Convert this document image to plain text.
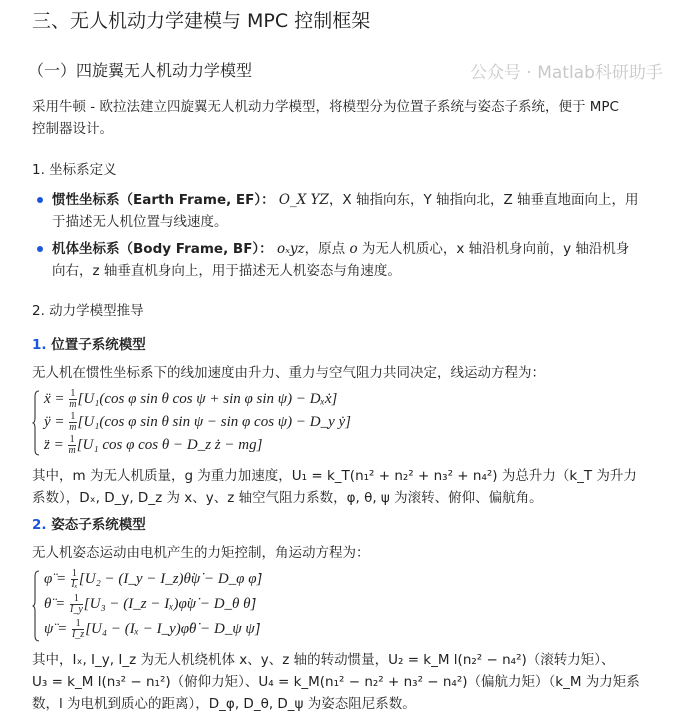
三、无人机动力学建模与 MPC 控制框架
（一）四旋翼无人机动力学模型	公众号 · Matlab科研助手
采用牛顿 - 欧拉法建立四旋翼无人机动力学模型，将模型分为位置子系统与姿态子系统，便于 MPC
控制器设计。
1. 坐标系定义
惯性坐标系（Earth Frame, EF）： O_X YZ，X 轴指向东，Y 轴指向北，Z 轴垂直地面向上，用
于描述无人机位置与线速度。
机体坐标系（Body Frame, BF）： oₓyz，原点 o 为无人机质心，x 轴沿机身向前，y 轴沿机身
向右，z 轴垂直机身向上，用于描述无人机姿态与角速度。
2. 动力学模型推导
1. 位置子系统模型
无人机在惯性坐标系下的线加速度由升力、重力与空气阻力共同决定，线运动方程为：
ẍ = $\frac{1}{m} [U_1(\cos$ φ sin θ cos ψ + sin φ sin ψ) − Dₓẋ]
ÿ = $\frac{1}{m} [U_1(\cos$ φ sin θ sin ψ − sin φ cos ψ) − D_y ẏ]
z̈ = $\frac{1}{m} [U_1$ cos φ cos θ − D_z ż − mg]
其中，m 为无人机质量，g 为重力加速度，U₁ = k_T(n₁² + n₂² + n₃² + n₄²) 为总升力（k_T 为升力
系数），Dₓ, D_y, D_z 为 x、y、z 轴空气阻力系数，φ, θ, ψ 为滚转、俯仰、偏航角。
2. 姿态子系统模型
无人机姿态运动由电机产生的力矩控制，角运动方程为：
φ̈ = $\frac{1}{\text{Iₓ}} [U_2$ − (I_y − I_z)θ̇ψ̇ − D_φ φ̇]
θ̈ = $\frac{1}{I\_y} [U_3$ − (I_z − Iₓ)φ̇ψ̇ − D_θ θ̇]
ψ̈ = $\frac{1}{I\_z} [U_4 - (I_x$ − I_y)φ̇θ̇ − D_ψ ψ̇]
其中，Iₓ, I_y, I_z 为无人机绕机体 x、y、z 轴的转动惯量，U₂ = k_M l(n₂² − n₄²)（滚转力矩）、
U₃ = k_M l(n₃² − n₁²)（俯仰力矩）、U₄ = k_M(n₁² − n₂² + n₃² − n₄²)（偏航力矩）（k_M 为力矩系
数，l 为电机到质心的距离），D_φ, D_θ, D_ψ 为姿态阻尼系数。
